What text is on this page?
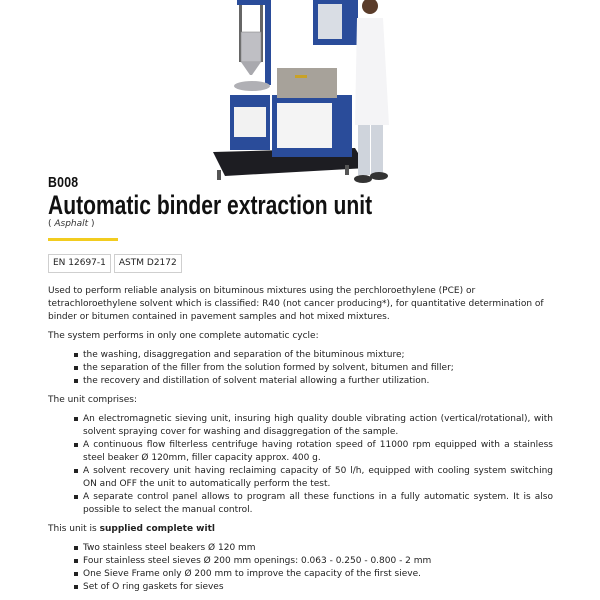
B008
Automatic binder extraction unit
( Asphalt )
EN 12697-1	ASTM D2172

Used to perform reliable analysis on bituminous mixtures using the perchloroethylene (PCE) or tetrachloroethylene solvent which is classified: R40 (not cancer producing*), for quantitative determination of binder or bitumen contained in pavement samples and hot mixed mixtures.

The system performs in only one complete automatic cycle:

the washing, disaggregation and separation of the bituminous mixture;
the separation of the filler from the solution formed by solvent, bitumen and filler;
the recovery and distillation of solvent material allowing a further utilization.

The unit comprises:

An electromagnetic sieving unit, insuring high quality double vibrating action (vertical/rotational), with solvent spraying cover for washing and disaggregation of the sample.
A continuous flow filterless centrifuge having rotation speed of 11000 rpm equipped with a stainless steel beaker Ø 120mm, filler capacity approx. 400 g.
A solvent recovery unit having reclaiming capacity of 50 l/h, equipped with cooling system switching ON and OFF the unit to automatically perform the test.
A separate control panel allows to program all these functions in a fully automatic system. It is also possible to select the manual control.

This unit is supplied complete witl

Two stainless steel beakers Ø 120 mm
Four stainless steel sieves Ø 200 mm openings: 0.063 - 0.250 - 0.800 - 2 mm
One Sieve Frame only Ø 200 mm to improve the capacity of the first sieve.
Set of O ring gaskets for sieves
